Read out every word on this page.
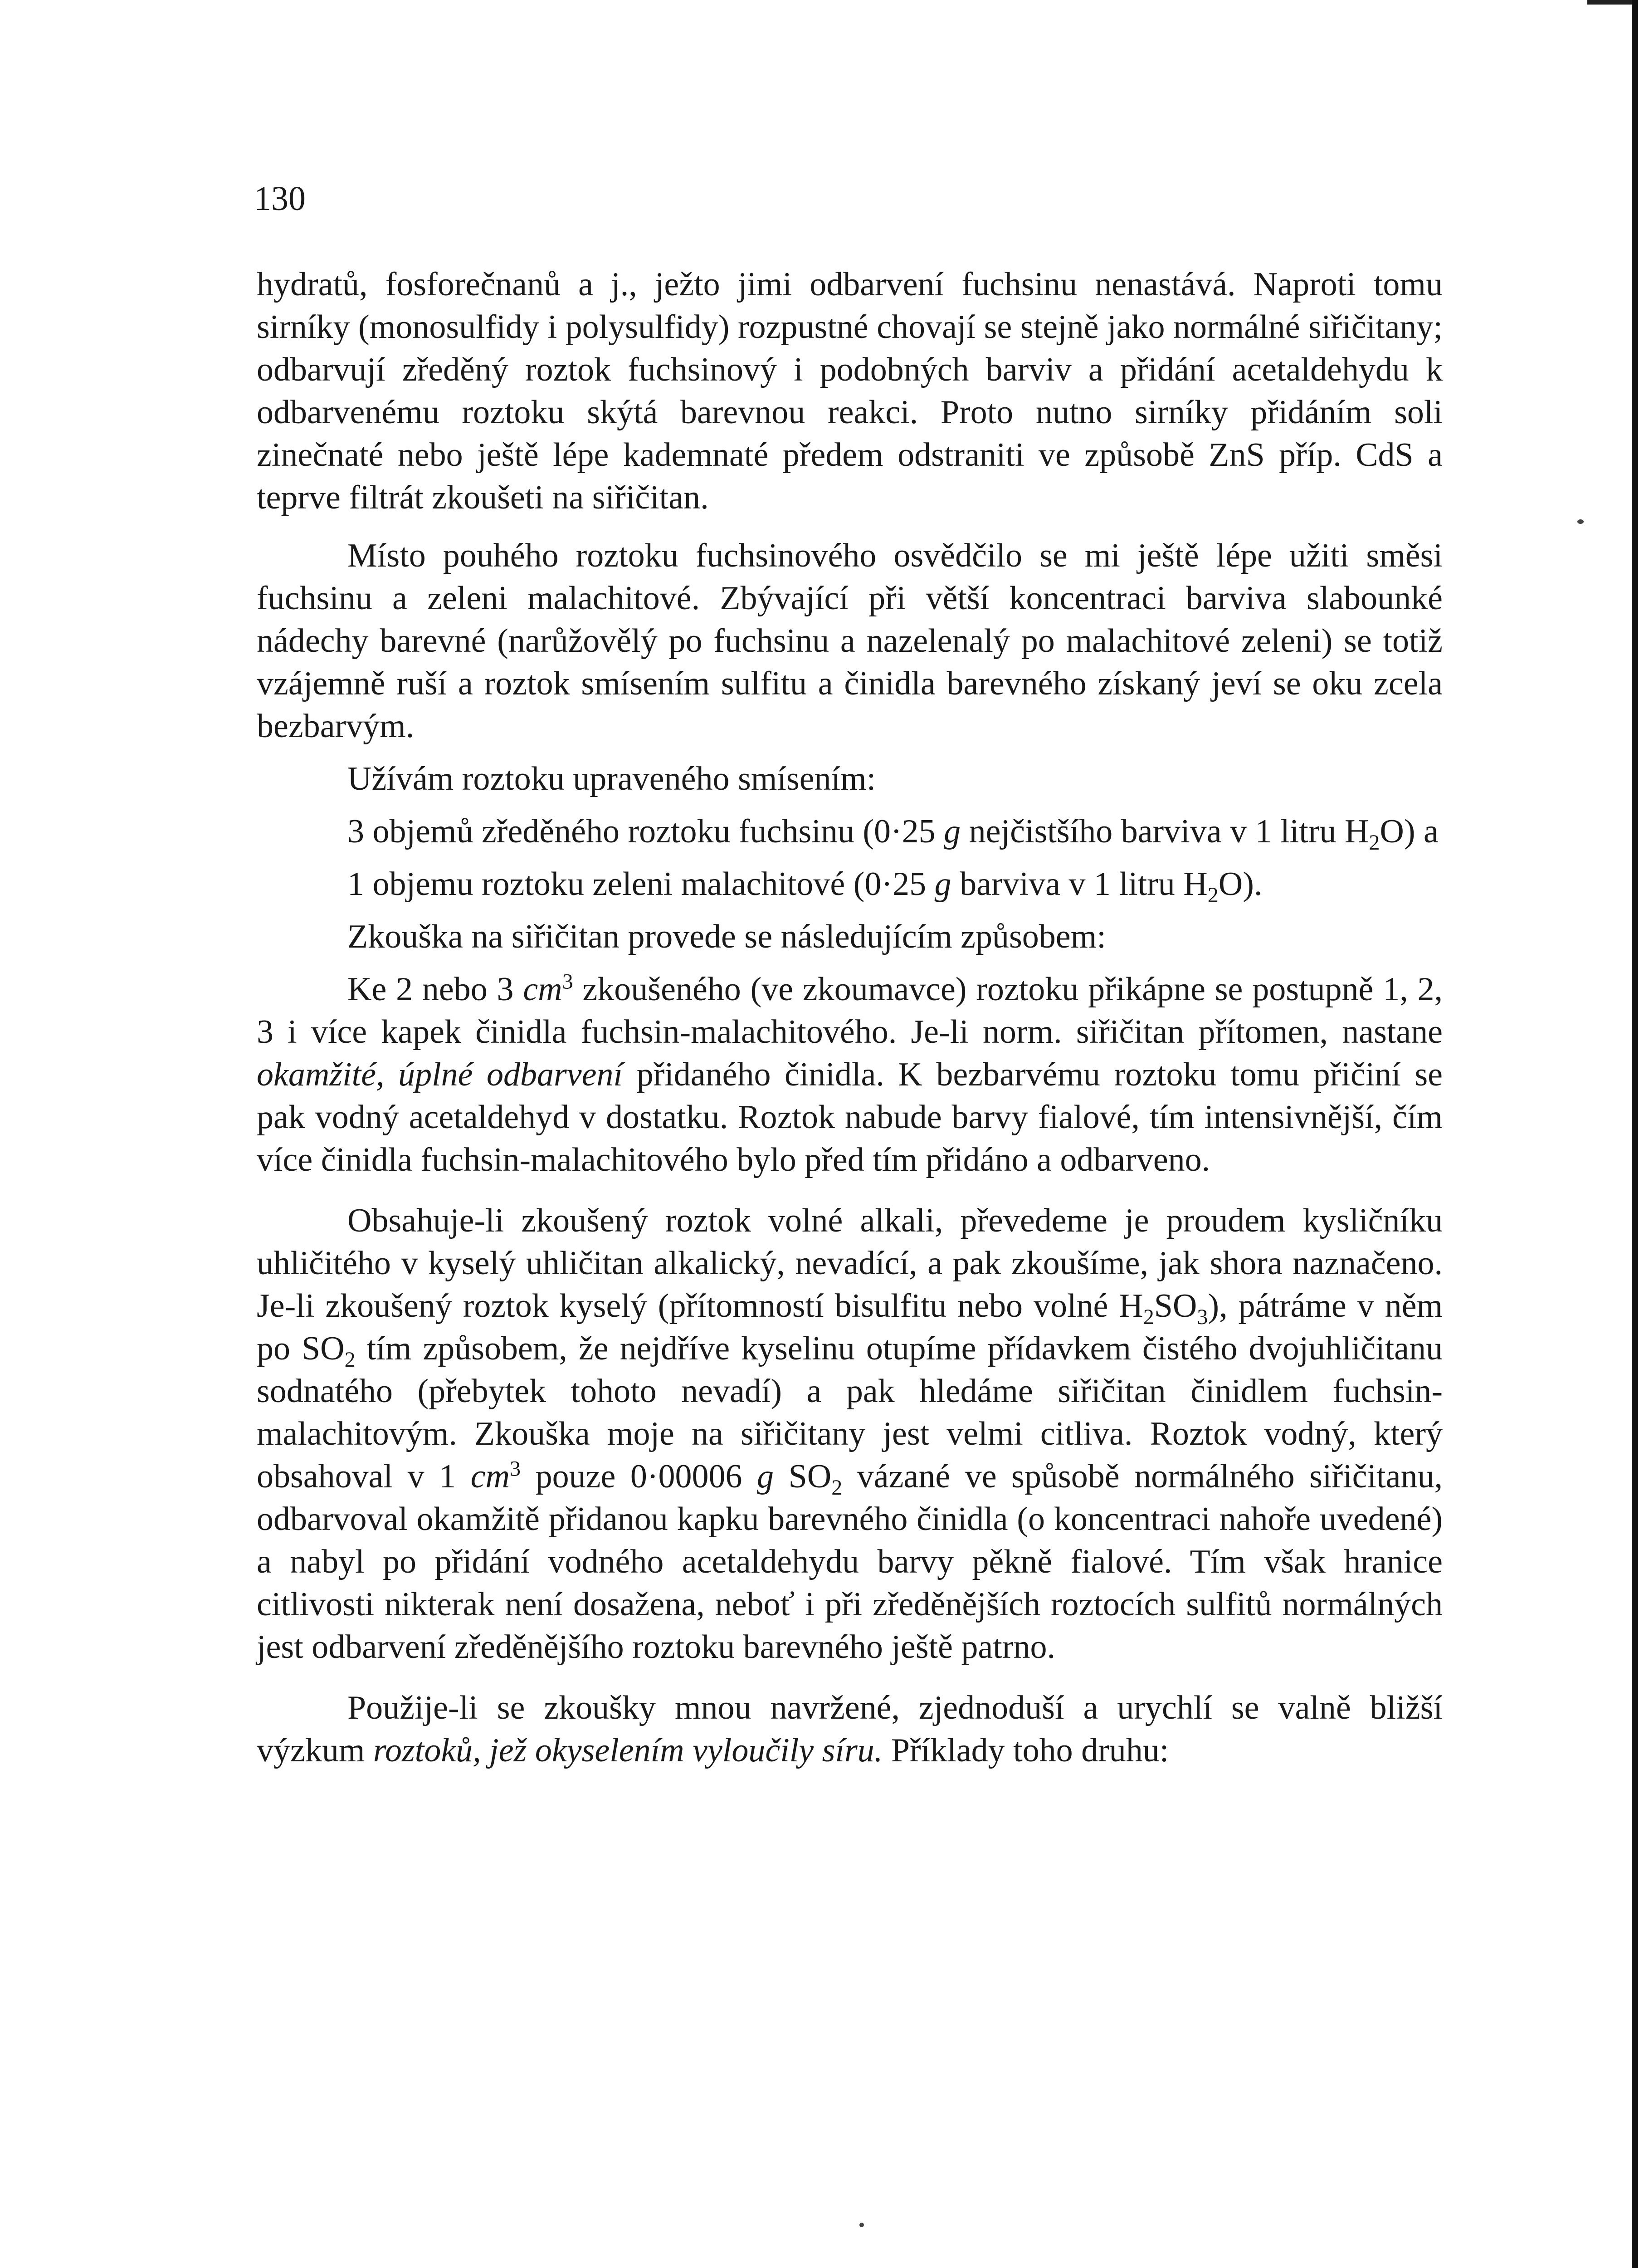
130

hydratů, fosforečnanů a j., ježto jimi odbarvení fuchsinu nenastává. Naproti tomu sirníky (monosulfidy i polysulfidy) rozpustné chovají se stejně jako normálné siřičitany; odbarvují zředěný roztok fuchsinový i podobných barviv a přidání acetaldehydu k odbarvenému roztoku skýtá barevnou reakci. Proto nutno sirníky přidáním soli zinečnaté nebo ještě lépe kademnaté předem odstraniti ve způsobě ZnS příp. CdS a teprve filtrát zkoušeti na siřičitan.

Místo pouhého roztoku fuchsinového osvědčilo se mi ještě lépe užiti směsi fuchsinu a zeleni malachitové. Zbývající při větší koncentraci barviva slabounké nádechy barevné (narůžovělý po fuchsinu a nazelenalý po malachitové zeleni) se totiž vzájemně ruší a roztok smísením sulfitu a činidla barevného získaný jeví se oku zcela bezbarvým.

Užívám roztoku upraveného smísením:

3 objemů zředěného roztoku fuchsinu (0·25 g nejčistšího barviva v 1 litru $H_2O$) a

1 objemu roztoku zeleni malachitové (0·25 g barviva v 1 litru $H_2O$).

Zkouška na siřičitan provede se následujícím způsobem:

Ke 2 nebo 3 $cm^3$ zkoušeného (ve zkoumavce) roztoku přikápne se postupně 1, 2, 3 i více kapek činidla fuchsin-malachitového. Je-li norm. siřičitan přítomen, nastane okamžité, úplné odbarvení přidaného činidla. K bezbarvému roztoku tomu přičiní se pak vodný acetaldehyd v dostatku. Roztok nabude barvy fialové, tím intensivnější, čím více činidla fuchsin-malachitového bylo před tím přidáno a odbarveno.

Obsahuje-li zkoušený roztok volné alkali, převedeme je proudem kysličníku uhličitého v kyselý uhličitan alkalický, nevadící, a pak zkoušíme, jak shora naznačeno. Je-li zkoušený roztok kyselý (přítomností bisulfitu nebo volné $H_2SO_3$), pátráme v něm po $SO_2$ tím způsobem, že nejdříve kyselinu otupíme přídavkem čistého dvojuhličitanu sodnatého (přebytek tohoto nevadí) a pak hledáme siřičitan činidlem fuchsin-malachitovým. Zkouška moje na siřičitany jest velmi citliva. Roztok vodný, který obsahoval v 1 $cm^3$ pouze 0·00006 g $SO_2$ vázané ve spůsobě normálného siřičitanu, odbarvoval okamžitě přidanou kapku barevného činidla (o koncentraci nahoře uvedené) a nabyl po přidání vodného acetaldehydu barvy pěkně fialové. Tím však hranice citlivosti nikterak není dosažena, neboť i při zředěnějších roztocích sulfitů normálných jest odbarvení zředěnějšího roztoku barevného ještě patrno.

Použije-li se zkoušky mnou navržené, zjednoduší a urychlí se valně bližší výzkum roztoků, jež okyselením vyloučily síru. Příklady toho druhu:
